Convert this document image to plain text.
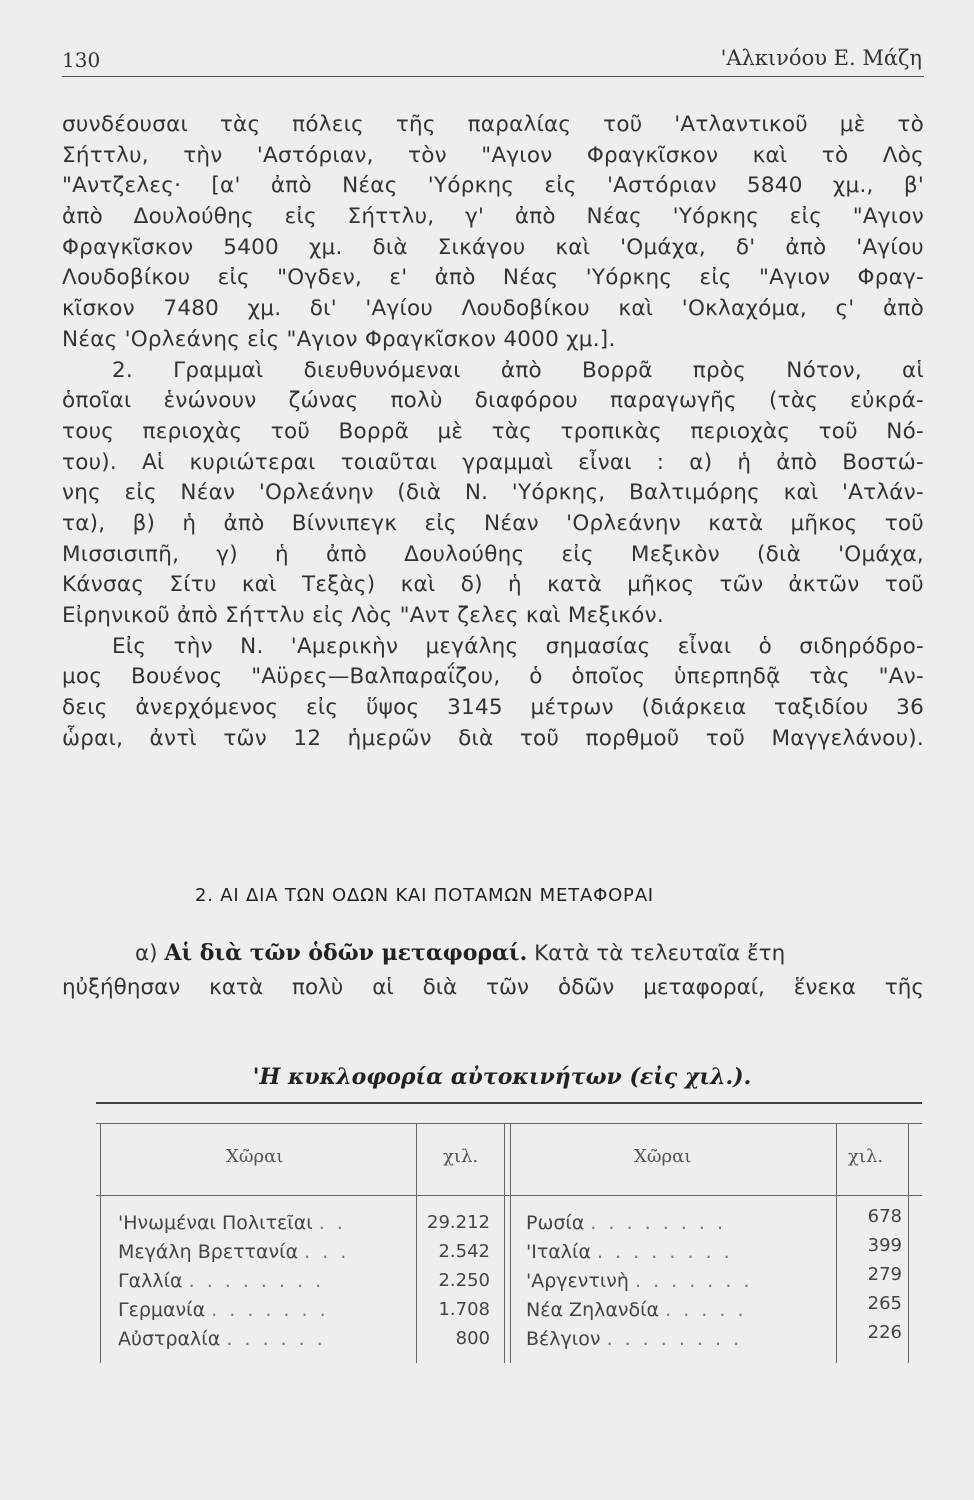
130	'Αλκινόου Ε. Μάζη
συνδέουσαι τὰς πόλεις τῆς παραλίας τοῦ 'Ατλαντικοῦ μὲ τὸ
Σήττλυ, τὴν 'Αστόριαν, τὸν "Αγιον Φραγκῖσκον καὶ τὸ Λὸς
"Αντζελες· [α' ἀπὸ Νέας 'Υόρκης εἰς 'Αστόριαν 5840 χμ., β'
ἀπὸ Δουλούθης εἰς Σήττλυ, γ' ἀπὸ Νέας 'Υόρκης εἰς "Αγιον
Φραγκῖσκον 5400 χμ. διὰ Σικάγου καὶ 'Ομάχα, δ' ἀπὸ 'Αγίου
Λουδοβίκου εἰς "Ογδεν, ε' ἀπὸ Νέας 'Υόρκης εἰς "Αγιον Φραγ-
κῖσκον 7480 χμ. δι' 'Αγίου Λουδοβίκου καὶ 'Οκλαχόμα, ς' ἀπὸ
Νέας 'Ορλεάνης εἰς "Αγιον Φραγκῖσκον 4000 χμ.].
2. Γραμμαὶ διευθυνόμεναι ἀπὸ Βορρᾶ πρὸς Νότον, αἱ
ὁποῖαι ἑνώνουν ζώνας πολὺ διαφόρου παραγωγῆς (τὰς εὐκρά-
τους περιοχὰς τοῦ Βορρᾶ μὲ τὰς τροπικὰς περιοχὰς τοῦ Νό-
του). Αἱ κυριώτεραι τοιαῦται γραμμαὶ εἶναι : α) ἡ ἀπὸ Βοστώ-
νης εἰς Νέαν 'Ορλεάνην (διὰ Ν. 'Υόρκης, Βαλτιμόρης καὶ 'Ατλάν-
τα), β) ἡ ἀπὸ Βίννιπεγκ εἰς Νέαν 'Ορλεάνην κατὰ μῆκος τοῦ
Μισσισιπῆ, γ) ἡ ἀπὸ Δουλούθης εἰς Μεξικὸν (διὰ 'Ομάχα,
Κάνσας Σίτυ καὶ Τεξὰς) καὶ δ) ἡ κατὰ μῆκος τῶν ἀκτῶν τοῦ
Εἰρηνικοῦ ἀπὸ Σήττλυ εἰς Λὸς "Αντ ζελες καὶ Μεξικόν.
Εἰς τὴν Ν. 'Αμερικὴν μεγάλης σημασίας εἶναι ὁ σιδηρόδρο-
μος Βουένος "Αϋρες—Βαλπαραΐζου, ὁ ὁποῖος ὑπερπηδᾷ τὰς "Αν-
δεις ἀνερχόμενος εἰς ὕψος 3145 μέτρων (διάρκεια ταξιδίου 36
ὧραι, ἀντὶ τῶν 12 ἡμερῶν διὰ τοῦ πορθμοῦ τοῦ Μαγγελάνου).
2. ΑΙ ΔΙΑ ΤΩΝ ΟΔΩΝ ΚΑΙ ΠΟΤΑΜΩΝ ΜΕΤΑΦΟΡΑΙ
α) Αἱ διὰ τῶν ὁδῶν μεταφοραί. Κατὰ τὰ τελευταῖα ἔτη
ηὐξήθησαν κατὰ πολὺ αἱ διὰ τῶν ὁδῶν μεταφοραί, ἕνεκα τῆς
'Η κυκλοφορία αὐτοκινήτων (εἰς χιλ.).
Χῶραι	χιλ.	Χῶραι	χιλ.
'Ηνωμέναι Πολιτεῖαι . .	29.212 Ρωσία . . . . . . . .	678
Μεγάλη Βρεττανία . . .	2.542 'Ιταλία . . . . . . . .	399
Γαλλία . . . . . . . .	2.250 'Αργεντινὴ . . . . . . .	279
Γερμανία . . . . . . .	1.708 Νέα Ζηλανδία . . . . .	265
Αὐστραλία . . . . . .	800 Βέλγιον . . . . . . . .	226
